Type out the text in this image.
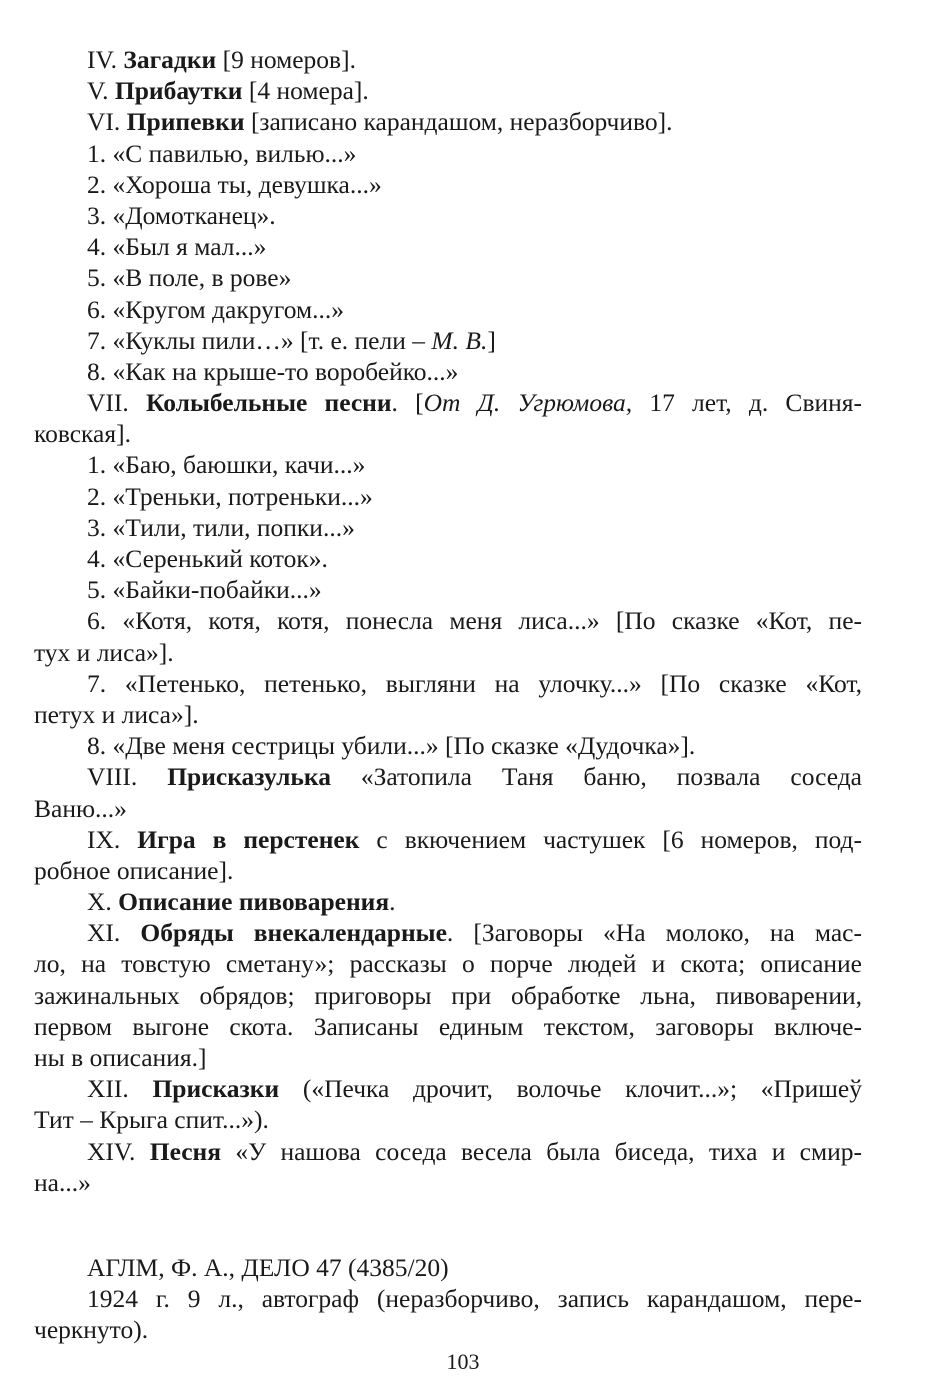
IV. Загадки [9 номеров].
V. Прибаутки [4 номера].
VI. Припевки [записано карандашом, неразборчиво].
1. «С павилью, вилью...»
2. «Хороша ты, девушка...»
3. «Домотканец».
4. «Был я мал...»
5. «В поле, в рове»
6. «Кругом дакругом...»
7. «Куклы пили…» [т. е. пели – М. В.]
8. «Как на крыше-то воробейко...»
VII. Колыбельные песни. [От Д. Угрюмова, 17 лет, д. Свиня-
ковская].
1. «Баю, баюшки, качи...»
2. «Треньки, потреньки...»
3. «Тили, тили, попки...»
4. «Серенький коток».
5. «Байки-побайки...»
6. «Котя, котя, котя, понесла меня лиса...» [По сказке «Кот, пе-
тух и лиса»].
7. «Петенько, петенько, выгляни на улочку...» [По сказке «Кот,
петух и лиса»].
8. «Две меня сестрицы убили...» [По сказке «Дудочка»].
VIII. Присказулька «Затопила Таня баню, позвала соседа
Ваню...»
IX. Игра в перстенек с вкючением частушек [6 номеров, под-
робное описание].
X. Описание пивоварения.
XI. Обряды внекалендарные. [Заговоры «На молоко, на мас-
ло, на товстую сметану»; рассказы о порче людей и скота; описание
зажинальных обрядов; приговоры при обработке льна, пивоварении,
первом выгоне скота. Записаны единым текстом, заговоры включе-
ны в описания.]
XII. Присказки («Печка дрочит, волочье клочит...»; «Пришеў
Тит – Крыга спит...»).
XIV. Песня «У нашова соседа весела была биседа, тиха и смир-
на...»
АГЛМ, Ф. А., ДЕЛО 47 (4385/20)
1924 г. 9 л., автограф (неразборчиво, запись карандашом, пере-
черкнуто).
103
